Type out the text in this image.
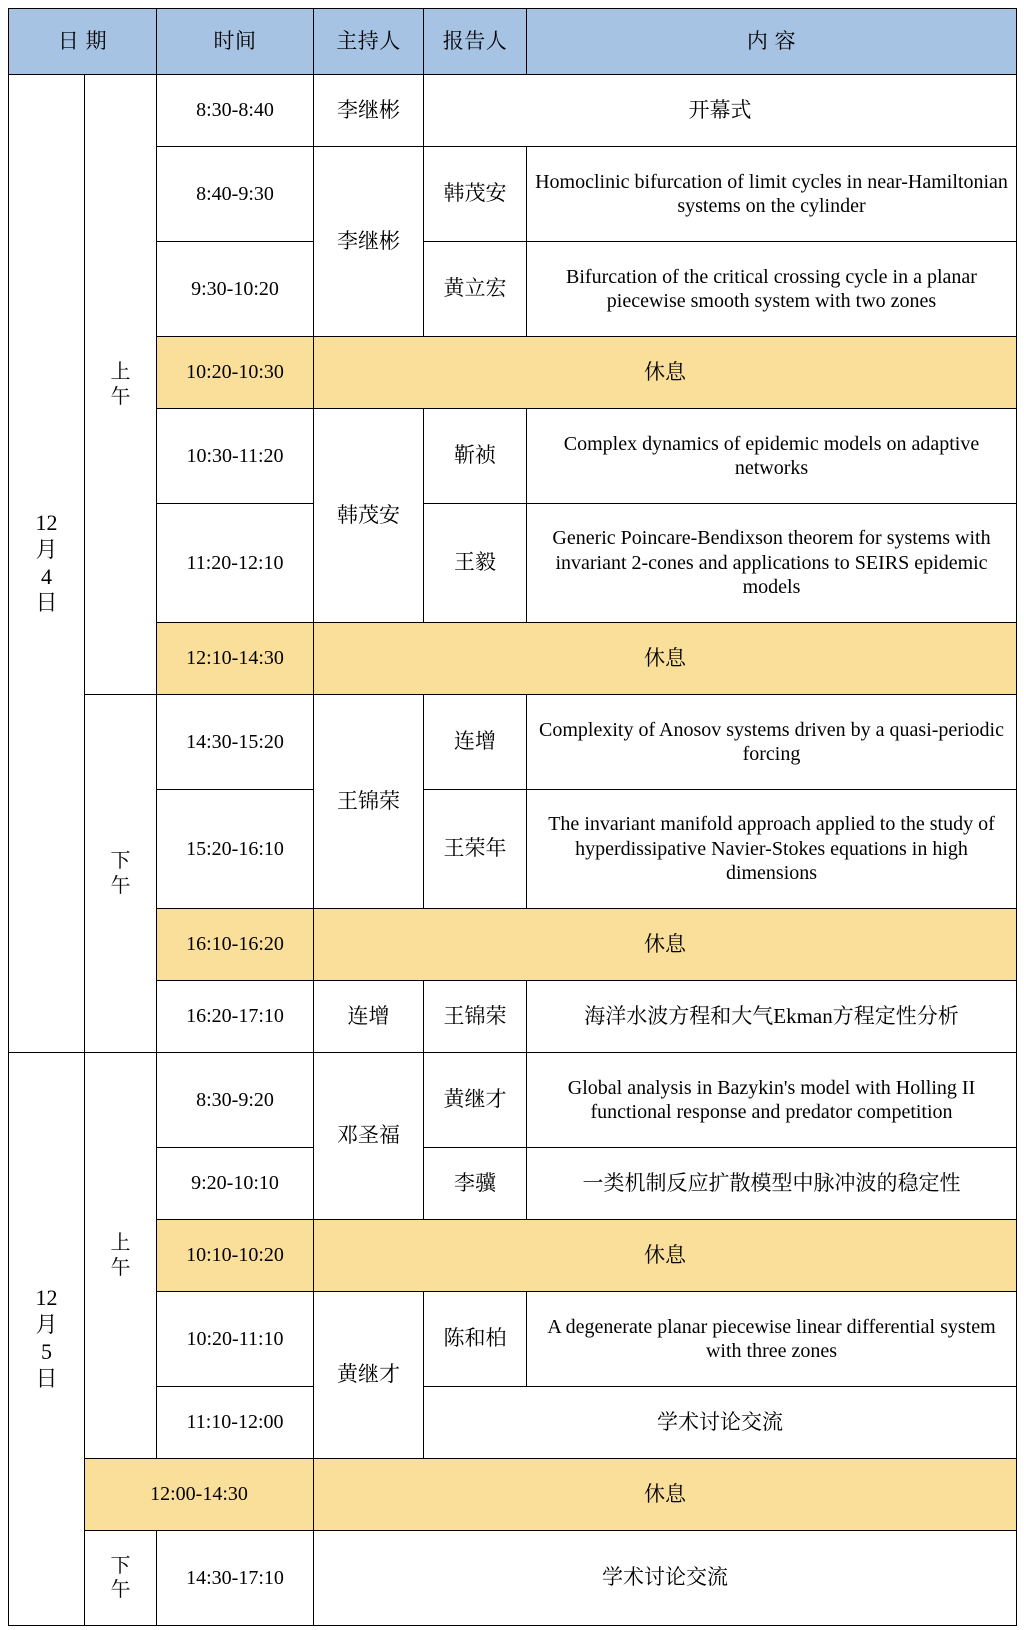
日 期		时间	主持人	报告人	内 容

12
月
4
日	上
午	8:30-8:40	李继彬	开幕式	
		8:40-9:30	李继彬	韩茂安	Homoclinic bifurcation of limit cycles in near-Hamiltonian systems on the cylinder
		9:30-10:20		黄立宏	Bifurcation of the critical crossing cycle in a planar piecewise smooth system with two zones
		10:20-10:30	休息		
		10:30-11:20	韩茂安	靳祯	Complex dynamics of epidemic models on adaptive networks
		11:20-12:10		王毅	Generic Poincare-Bendixson theorem for systems with invariant 2-cones and applications to SEIRS epidemic models
		12:10-14:30	休息		

	下
午	14:30-15:20	王锦荣	连增	Complexity of Anosov systems driven by a quasi-periodic forcing
		15:20-16:10		王荣年	The invariant manifold approach applied to the study of hyperdissipative Navier-Stokes equations in high dimensions
		16:10-16:20	休息		
		16:20-17:10	连增	王锦荣	海洋水波方程和大气Ekman方程定性分析

12
月
5
日	上
午	8:30-9:20	邓圣福	黄继才	Global analysis in Bazykin's model with Holling II functional response and predator competition
		9:20-10:10		李骥	一类机制反应扩散模型中脉冲波的稳定性
		10:10-10:20	休息		
		10:20-11:10	黄继才	陈和柏	A degenerate planar piecewise linear differential system with three zones
		11:10-12:00		学术讨论交流	
	12:00-14:30		休息		

	下
午	14:30-17:10	学术讨论交流		
